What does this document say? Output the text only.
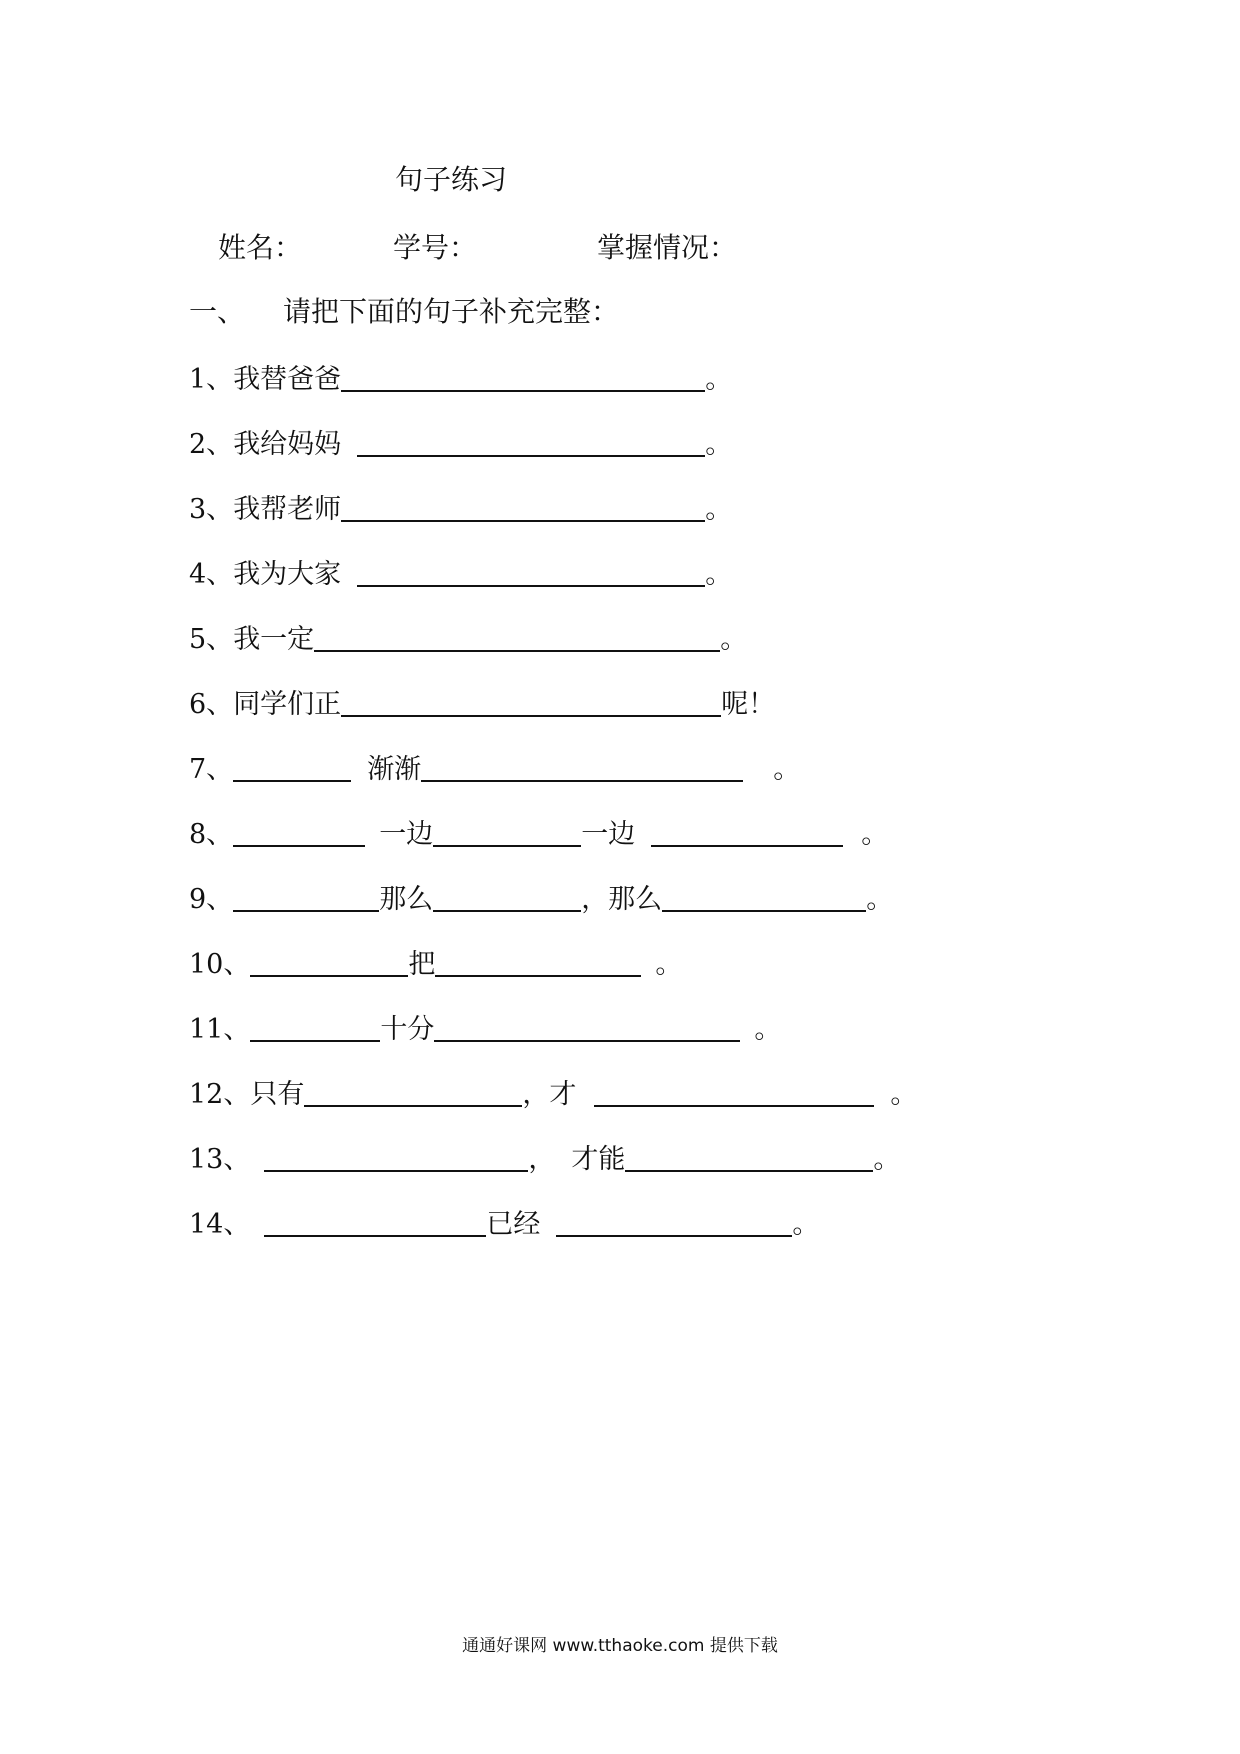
句子练习
姓名：	学号：	掌握情况：
一、 请把下面的句子补充完整：
1、 我替爸爸	。
2、 我给妈妈	。
3、 我帮老师	。
4、 我为大家	。
5、 我一定	。
6、 同学们正	呢！
7、	渐渐	。
8、	一边	一边	。
9、	那么	，那么	。
10、	把	。
11、	十分	。
12、 只有	，才	。
13、	， 才能	。
14、	已经	。
通通好课网 www.tthaoke.com 提供下载
